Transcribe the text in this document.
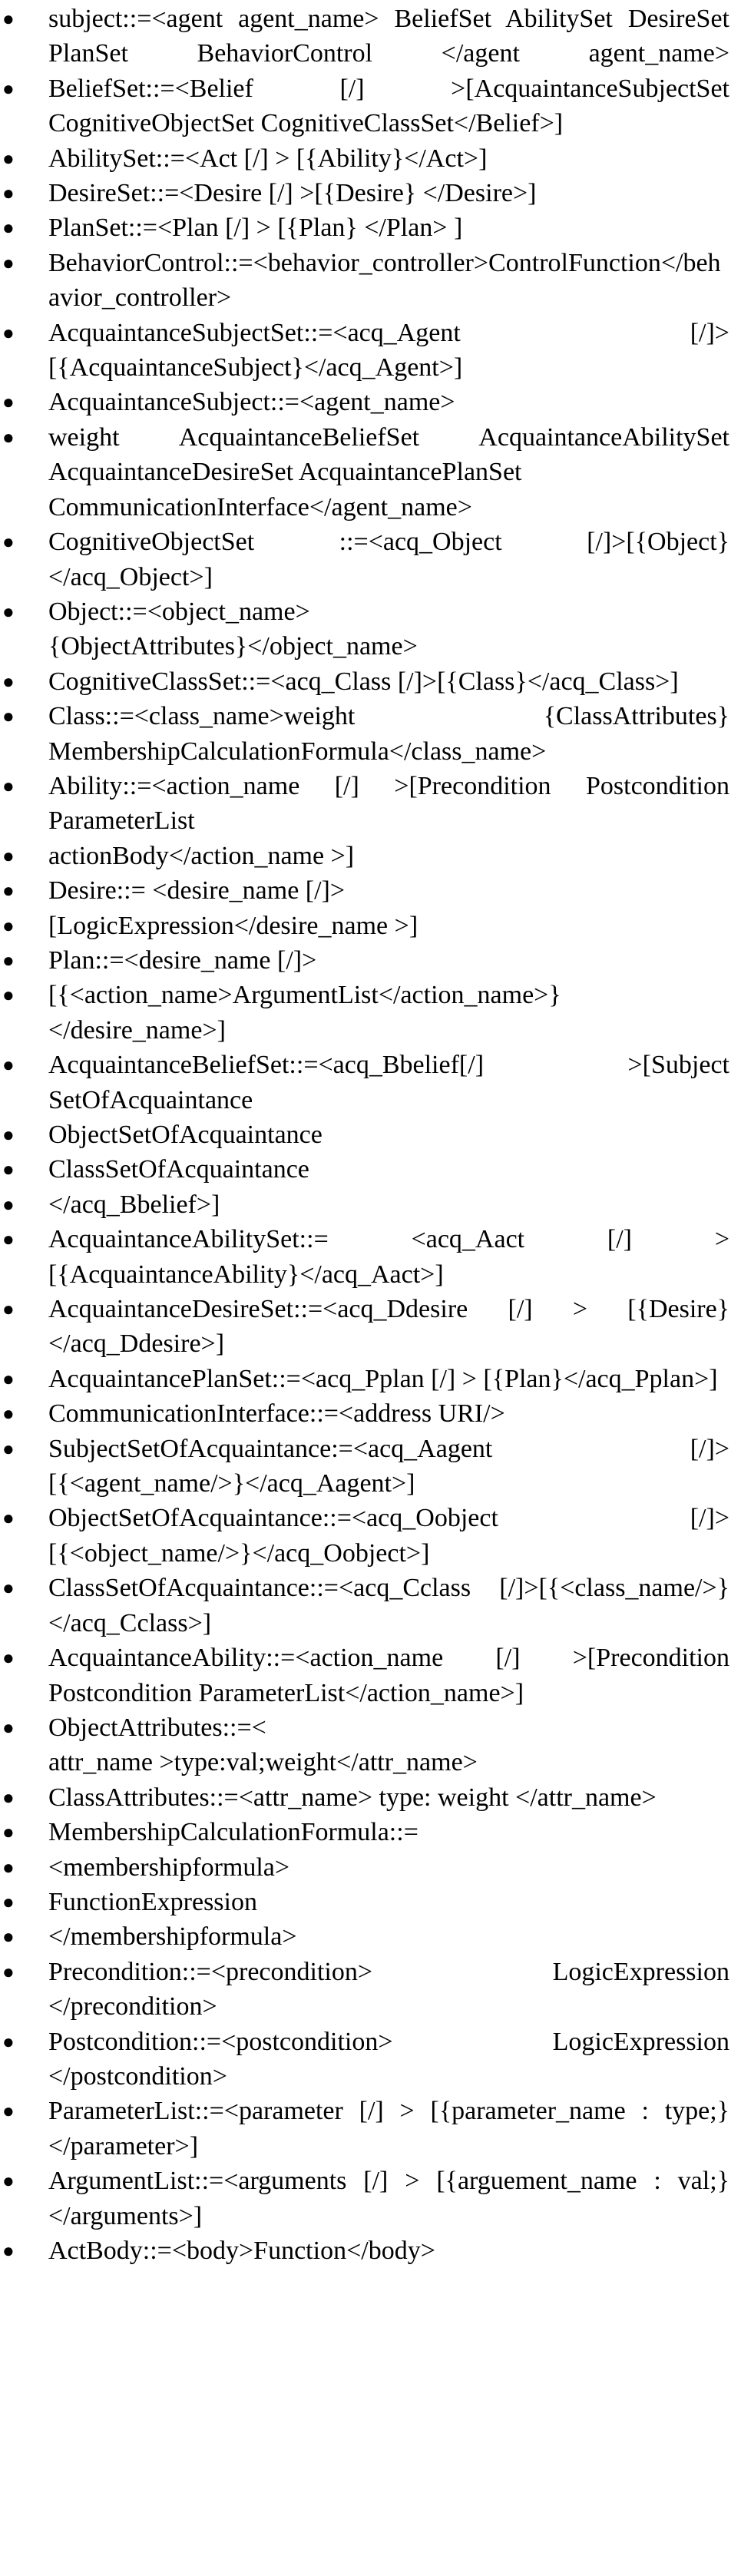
● subject::=<agent agent_name> BeliefSet AbilitySet DesireSet PlanSet BehaviorControl </agent agent_name>
● BeliefSet::=<Belief [/] >[AcquaintanceSubjectSet CognitiveObjectSet CognitiveClassSet</Belief>]
● AbilitySet::=<Act [/] > [{Ability}</Act>]
● DesireSet::=<Desire [/] >[{Desire} </Desire>]
● PlanSet::=<Plan [/] > [{Plan} </Plan> ]
● BehaviorControl::=<behavior_controller>ControlFunction</behavior_controller>
● AcquaintanceSubjectSet::=<acq_Agent [/]>[{AcquaintanceSubject}</acq_Agent>]
● AcquaintanceSubject::=<agent_name>
● weight AcquaintanceBeliefSet AcquaintanceAbilitySet AcquaintanceDesireSet AcquaintancePlanSet
CommunicationInterface</agent_name>
● CognitiveObjectSet ::=<acq_Object [/]>[{Object}</acq_Object>]
● Object::=<object_name>
{ObjectAttributes}</object_name>
● CognitiveClassSet::=<acq_Class [/]>[{Class}</acq_Class>]
● Class::=<class_name>weight {ClassAttributes} MembershipCalculationFormula</class_name>
● Ability::=<action_name [/] >[Precondition Postcondition ParameterList
● actionBody</action_name >]
● Desire::= <desire_name [/]>
● [LogicExpression</desire_name >]
● Plan::=<desire_name [/]>
● [{<action_name>ArgumentList</action_name>}
</desire_name>]
● AcquaintanceBeliefSet::=<acq_Bbelief[/] >[Subject SetOfAcquaintance
● ObjectSetOfAcquaintance
● ClassSetOfAcquaintance
● </acq_Bbelief>]
● AcquaintanceAbilitySet::= <acq_Aact [/] >[{AcquaintanceAbility}</acq_Aact>]
● AcquaintanceDesireSet::=<acq_Ddesire [/] > [{Desire} </acq_Ddesire>]
● AcquaintancePlanSet::=<acq_Pplan [/] > [{Plan}</acq_Pplan>]
● CommunicationInterface::=<address URI/>
● SubjectSetOfAcquaintance:=<acq_Aagent [/]>[{<agent_name/>}</acq_Aagent>]
● ObjectSetOfAcquaintance::=<acq_Oobject [/]>[{<object_name/>}</acq_Oobject>]
● ClassSetOfAcquaintance::=<acq_Cclass [/]>[{<class_name/>}</acq_Cclass>]
● AcquaintanceAbility::=<action_name [/] >[Precondition Postcondition ParameterList</action_name>]
● ObjectAttributes::=<
attr_name >type:val;weight</attr_name>
● ClassAttributes::=<attr_name> type: weight </attr_name>
● MembershipCalculationFormula::=
● <membershipformula>
● FunctionExpression
● </membershipformula>
● Precondition::=<precondition> LogicExpression </precondition>
● Postcondition::=<postcondition> LogicExpression </postcondition>
● ParameterList::=<parameter [/] > [{parameter_name : type;} </parameter>]
● ArgumentList::=<arguments [/] > [{arguement_name : val;} </arguments>]
● ActBody::=<body>Function</body>
